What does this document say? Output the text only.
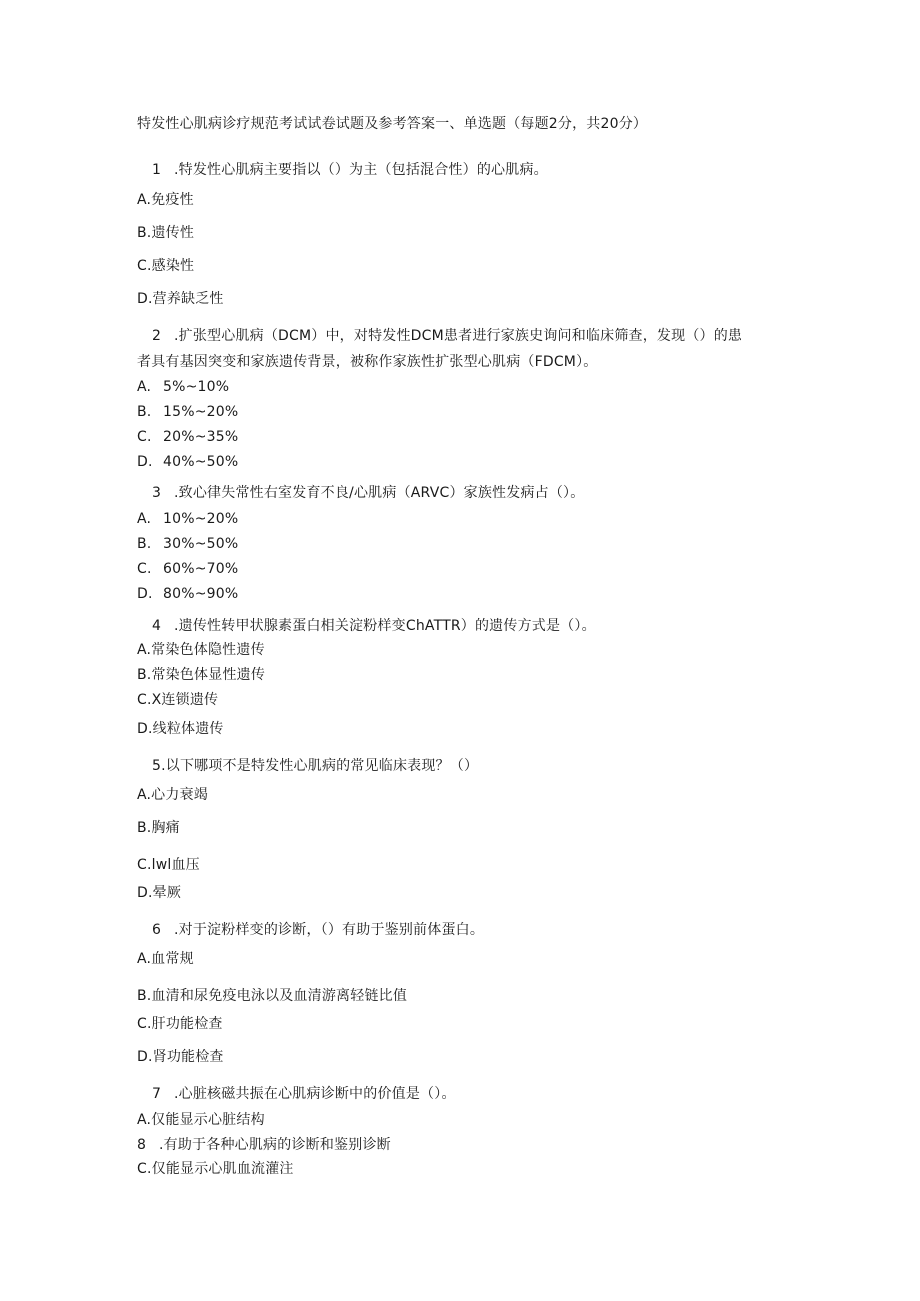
特发性心肌病诊疗规范考试试卷试题及参考答案一、单选题（每题2分，共20分）
1 .特发性心肌病主要指以（）为主（包括混合性）的心肌病。
A.免疫性
B.遗传性
C.感染性
D.营养缺乏性
2 .扩张型心肌病（DCM）中，对特发性DCM患者进行家族史询问和临床筛查，发现（）的患
者具有基因突变和家族遗传背景，被称作家族性扩张型心肌病（FDCM）。
A. 5%~10%
B. 15%~20%
C. 20%~35%
D. 40%~50%
3 .致心律失常性右室发育不良/心肌病（ARVC）家族性发病占（）。
A. 10%~20%
B. 30%~50%
C. 60%~70%
D. 80%~90%
4 .遗传性转甲状腺素蛋白相关淀粉样变ChATTR）的遗传方式是（）。
A.常染色体隐性遗传
B.常染色体显性遗传
C.X连锁遗传
D.线粒体遗传
5.以下哪项不是特发性心肌病的常见临床表现？（）
A.心力衰竭
B.胸痛
C.lwl血压
D.晕厥
6 .对于淀粉样变的诊断，（）有助于鉴别前体蛋白。
A.血常规
B.血清和尿免疫电泳以及血清游离轻链比值
C.肝功能检查
D.肾功能检查
7 .心脏核磁共振在心肌病诊断中的价值是（）。
A.仅能显示心脏结构
8 .有助于各种心肌病的诊断和鉴别诊断
C.仅能显示心肌血流灌注
